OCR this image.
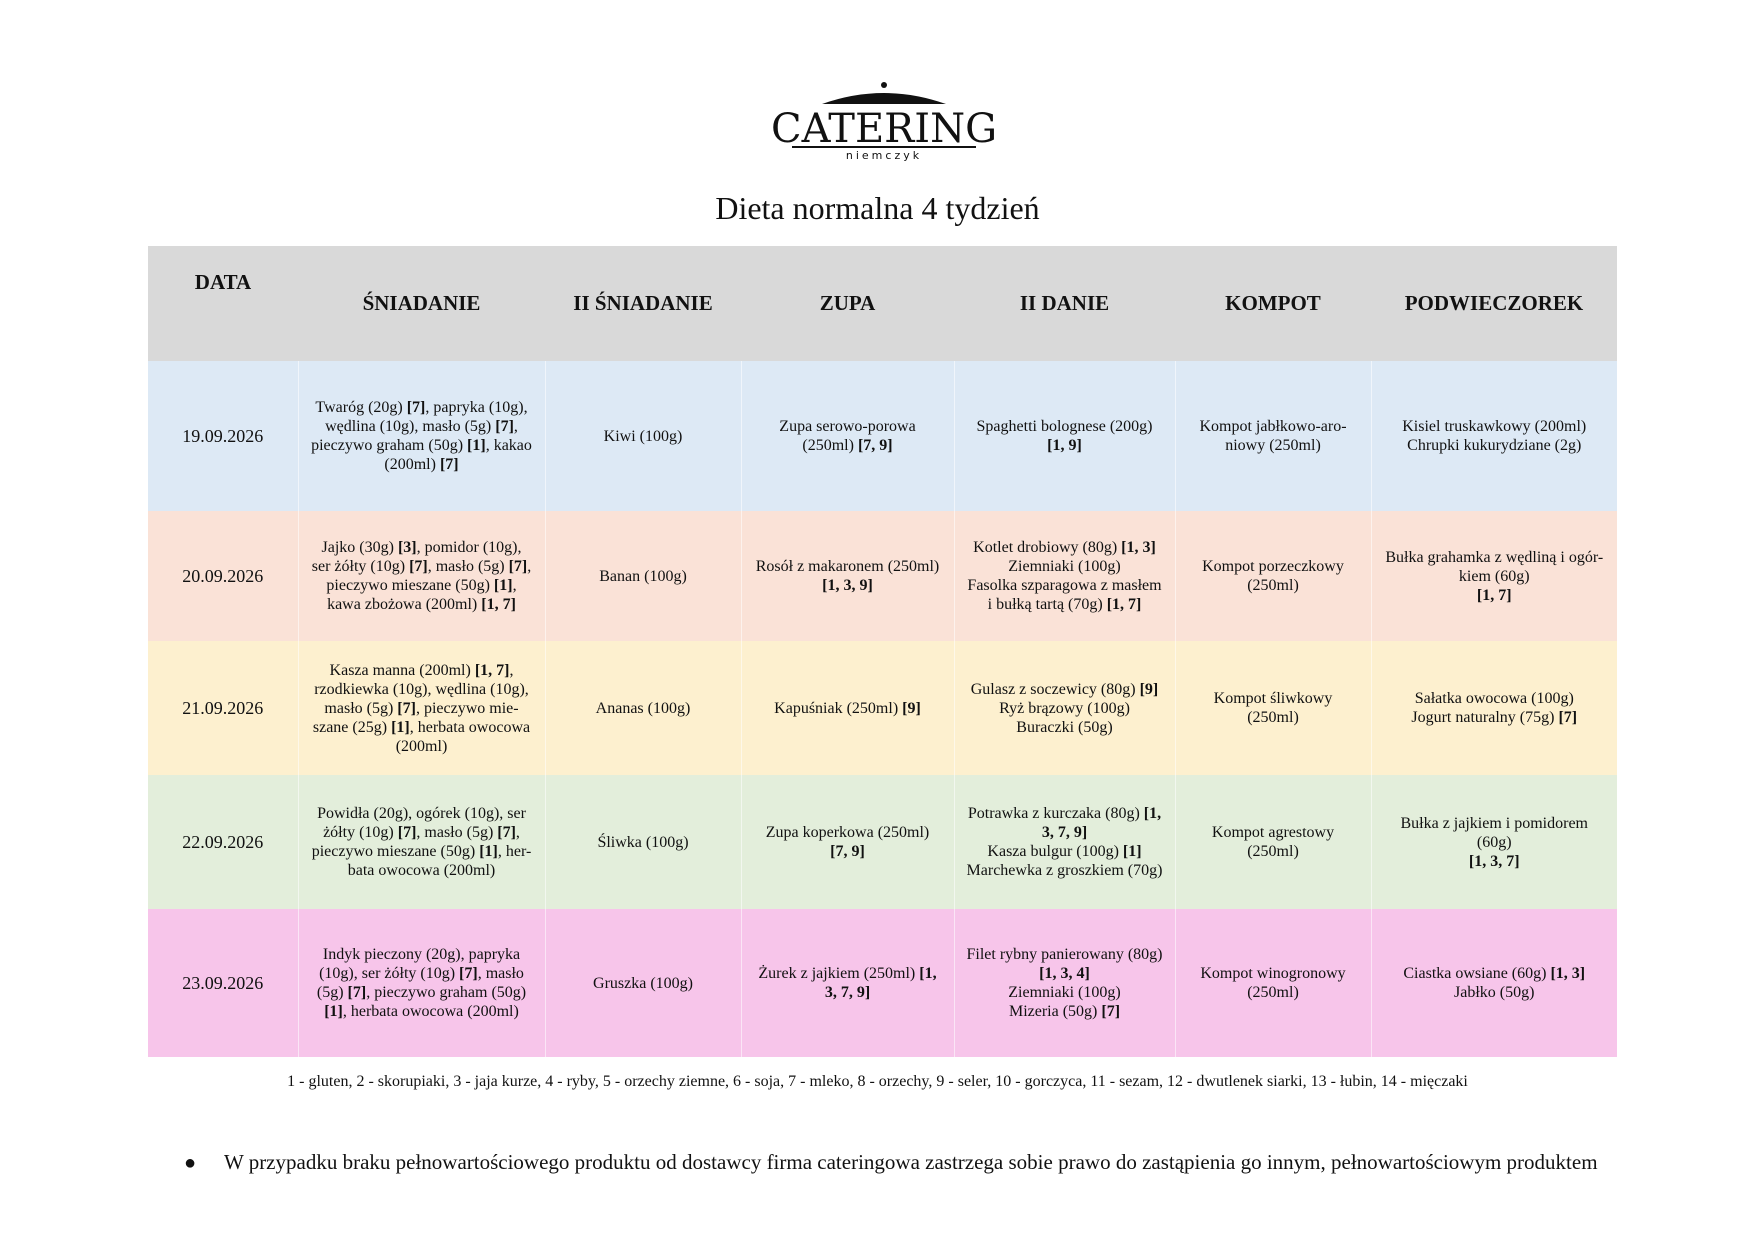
CATERING
niemczyk
Dieta normalna 4 tydzień
DATA	ŚNIADANIE	II ŚNIADANIE	ZUPA	II DANIE	KOMPOT	PODWIECZOREK
19.09.2026	Twaróg (20g) [7], papryka (10g),
wędlina (10g), masło (5g) [7],
pieczywo graham (50g) [1], kakao
(200ml) [7]	Kiwi (100g)	Zupa serowo-porowa
(250ml) [7, 9]	Spaghetti bolognese (200g)
[1, 9]	Kompot jabłkowo-aro-
niowy (250ml)	Kisiel truskawkowy (200ml)
Chrupki kukurydziane (2g)
20.09.2026	Jajko (30g) [3], pomidor (10g),
ser żółty (10g) [7], masło (5g) [7],
pieczywo mieszane (50g) [1],
kawa zbożowa (200ml) [1, 7]	Banan (100g)	Rosół z makaronem (250ml)
[1, 3, 9]	Kotlet drobiowy (80g) [1, 3]
Ziemniaki (100g)
Fasolka szparagowa z masłem
i bułką tartą (70g) [1, 7]	Kompot porzeczkowy
(250ml)	Bułka grahamka z wędliną i ogór-
kiem (60g)
[1, 7]
21.09.2026	Kasza manna (200ml) [1, 7],
rzodkiewka (10g), wędlina (10g),
masło (5g) [7], pieczywo mie-
szane (25g) [1], herbata owocowa
(200ml)	Ananas (100g)	Kapuśniak (250ml) [9]	Gulasz z soczewicy (80g) [9]
Ryż brązowy (100g)
Buraczki (50g)	Kompot śliwkowy
(250ml)	Sałatka owocowa (100g)
Jogurt naturalny (75g) [7]
22.09.2026	Powidła (20g), ogórek (10g), ser
żółty (10g) [7], masło (5g) [7],
pieczywo mieszane (50g) [1], her-
bata owocowa (200ml)	Śliwka (100g)	Zupa koperkowa (250ml)
[7, 9]	Potrawka z kurczaka (80g) [1,
3, 7, 9]
Kasza bulgur (100g) [1]
Marchewka z groszkiem (70g)	Kompot agrestowy
(250ml)	Bułka z jajkiem i pomidorem
(60g)
[1, 3, 7]
23.09.2026	Indyk pieczony (20g), papryka
(10g), ser żółty (10g) [7], masło
(5g) [7], pieczywo graham (50g)
[1], herbata owocowa (200ml)	Gruszka (100g)	Żurek z jajkiem (250ml) [1,
3, 7, 9]	Filet rybny panierowany (80g)
[1, 3, 4]
Ziemniaki (100g)
Mizeria (50g) [7]	Kompot winogronowy
(250ml)	Ciastka owsiane (60g) [1, 3]
Jabłko (50g)
1 - gluten, 2 - skorupiaki, 3 - jaja kurze, 4 - ryby, 5 - orzechy ziemne, 6 - soja, 7 - mleko, 8 - orzechy, 9 - seler, 10 - gorczyca, 11 - sezam, 12 - dwutlenek siarki, 13 - łubin, 14 - mięczaki
● W przypadku braku pełnowartościowego produktu od dostawcy firma cateringowa zastrzega sobie prawo do zastąpienia go innym, pełnowartościowym produktem
